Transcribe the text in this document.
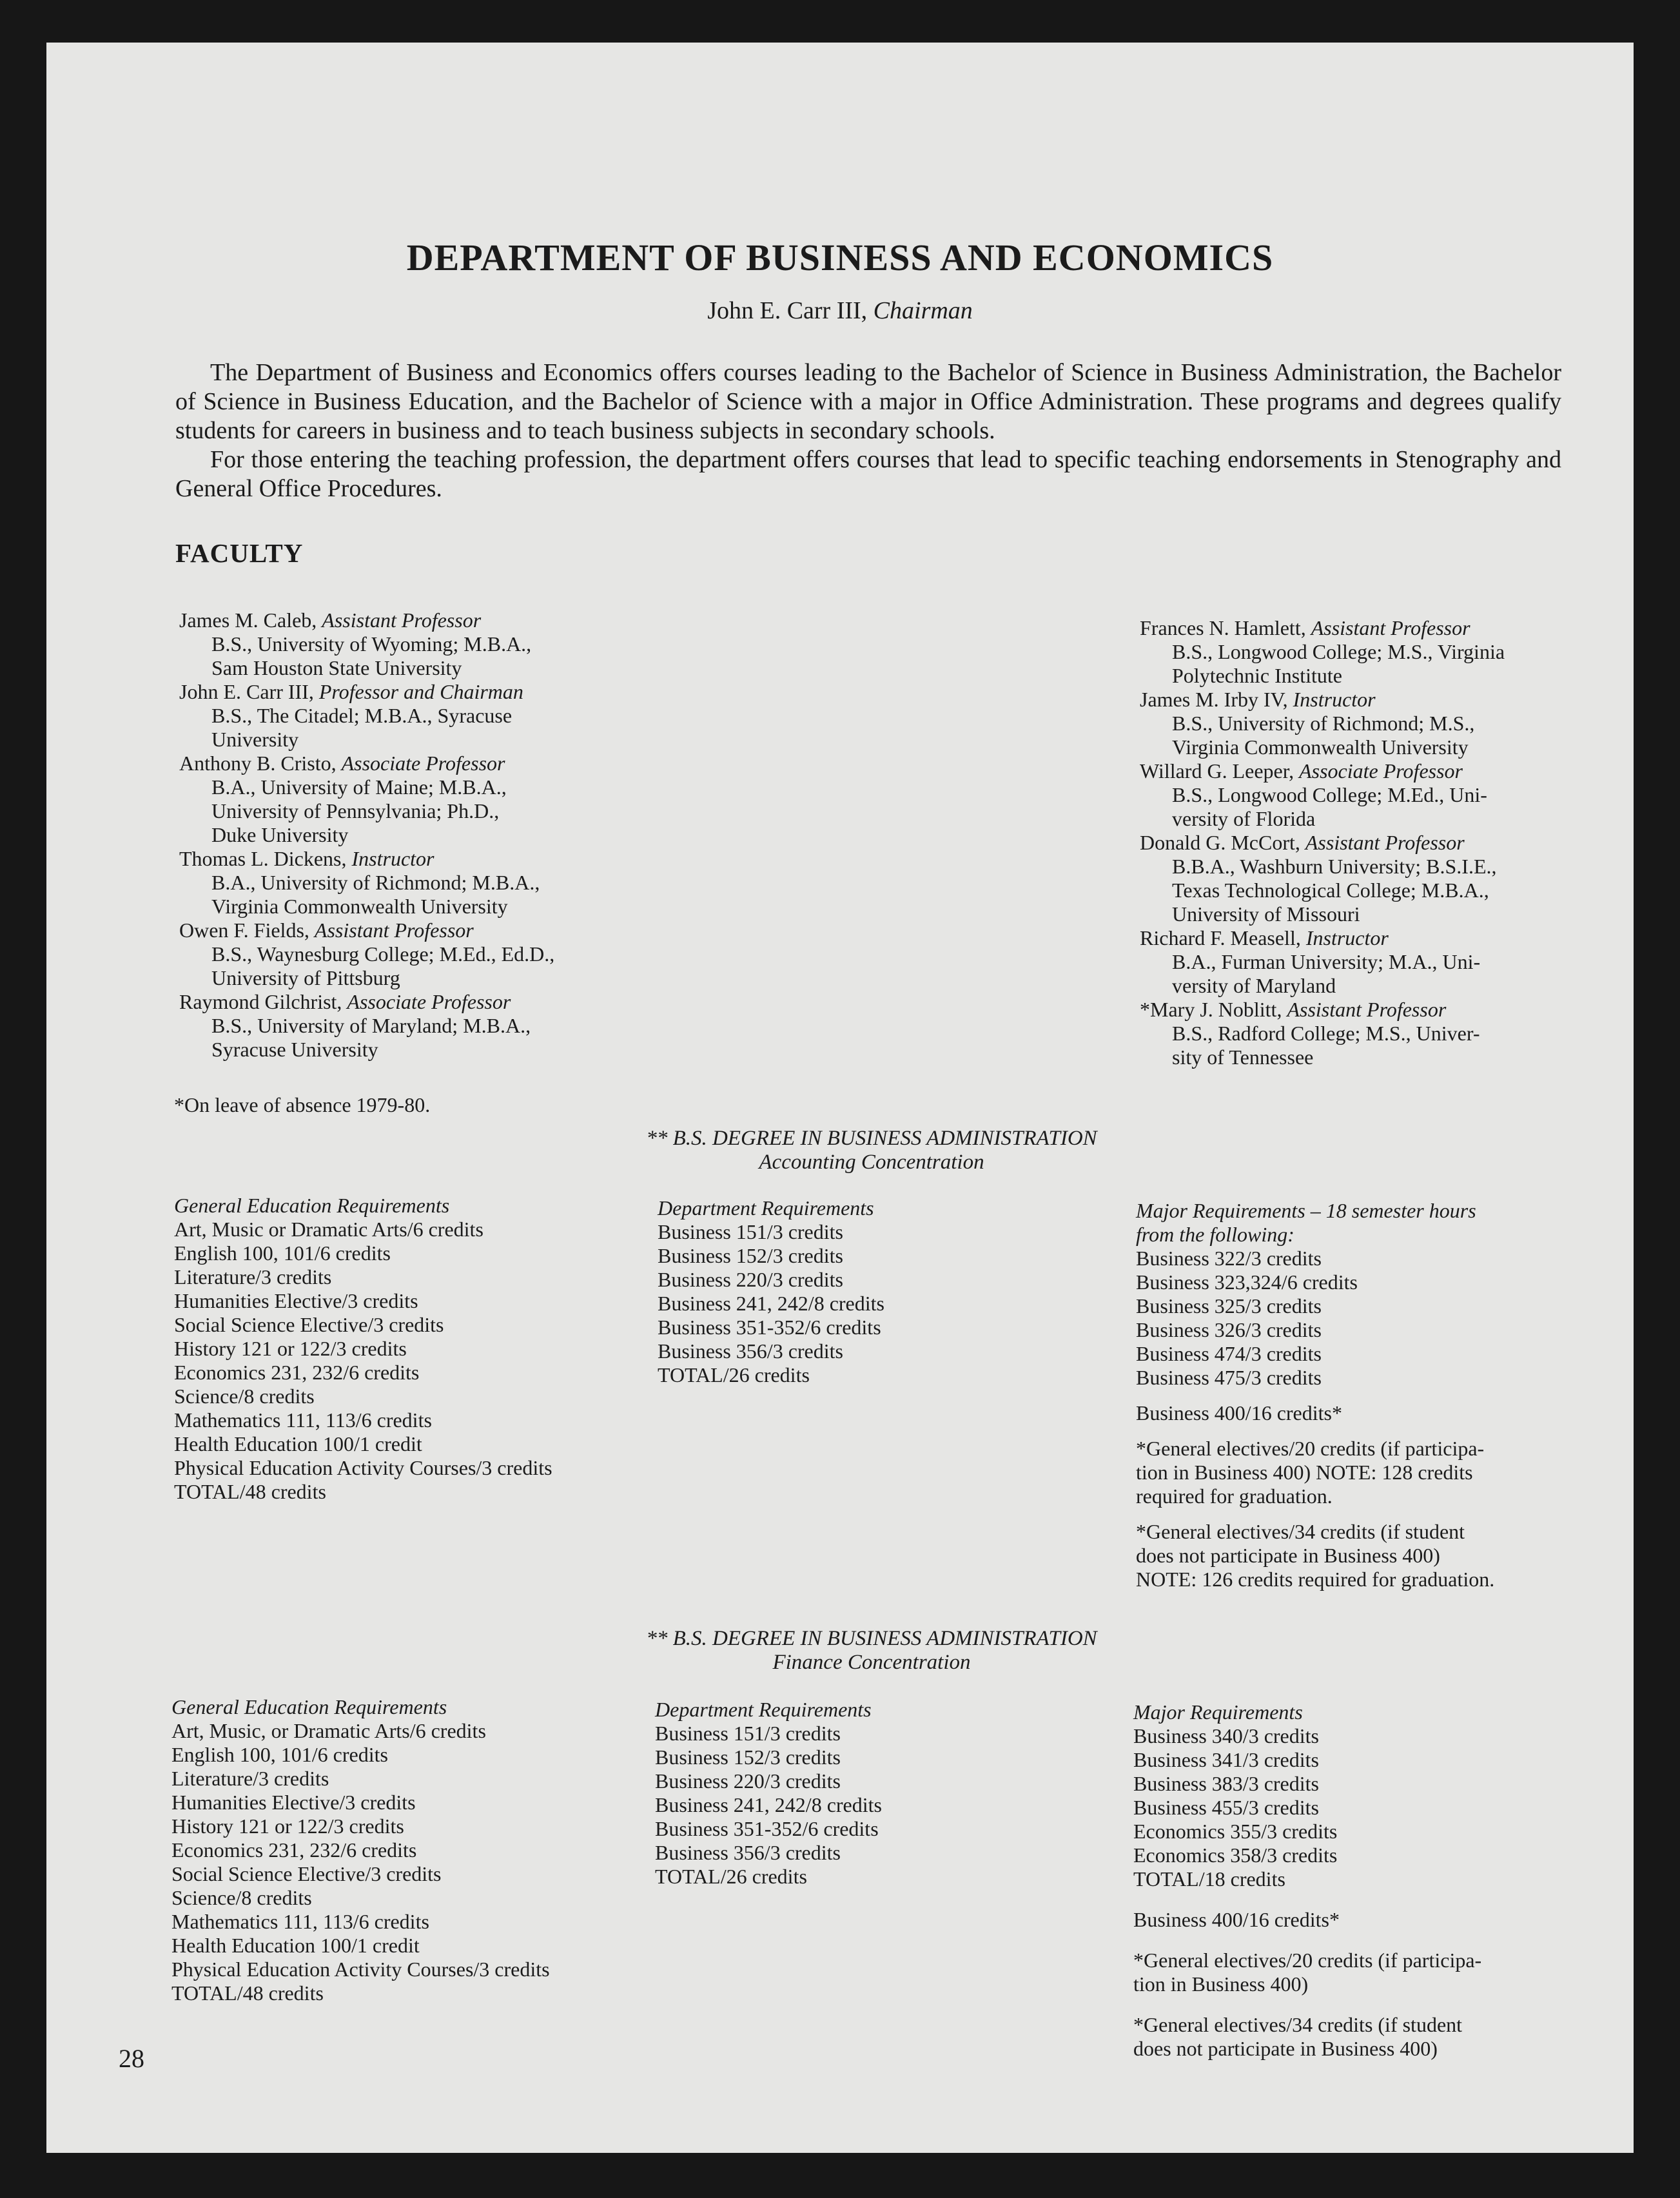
DEPARTMENT OF BUSINESS AND ECONOMICS
John E. Carr III, Chairman

The Department of Business and Economics offers courses leading to the Bachelor of Science in Business Administration, the Bachelor of Science in Business Education, and the Bachelor of Science with a major in Office Administration. These programs and degrees qualify students for careers in business and to teach business subjects in secondary schools.

For those entering the teaching profession, the department offers courses that lead to specific teaching endorsements in Stenography and General Office Procedures.

FACULTY
James M. Caleb, Assistant Professor
B.S., University of Wyoming; M.B.A.,
Sam Houston State University
John E. Carr III, Professor and Chairman
B.S., The Citadel; M.B.A., Syracuse
University
Anthony B. Cristo, Associate Professor
B.A., University of Maine; M.B.A.,
University of Pennsylvania; Ph.D.,
Duke University
Thomas L. Dickens, Instructor
B.A., University of Richmond; M.B.A.,
Virginia Commonwealth University
Owen F. Fields, Assistant Professor
B.S., Waynesburg College; M.Ed., Ed.D.,
University of Pittsburg
Raymond Gilchrist, Associate Professor
B.S., University of Maryland; M.B.A.,
Syracuse University
Frances N. Hamlett, Assistant Professor
B.S., Longwood College; M.S., Virginia
Polytechnic Institute
James M. Irby IV, Instructor
B.S., University of Richmond; M.S.,
Virginia Commonwealth University
Willard G. Leeper, Associate Professor
B.S., Longwood College; M.Ed., Uni-
versity of Florida
Donald G. McCort, Assistant Professor
B.B.A., Washburn University; B.S.I.E.,
Texas Technological College; M.B.A.,
University of Missouri
Richard F. Measell, Instructor
B.A., Furman University; M.A., Uni-
versity of Maryland
*Mary J. Noblitt, Assistant Professor
B.S., Radford College; M.S., Univer-
sity of Tennessee
*On leave of absence 1979-80.
** B.S. DEGREE IN BUSINESS ADMINISTRATION
Accounting Concentration
General Education Requirements
Art, Music or Dramatic Arts/6 credits
English 100, 101/6 credits
Literature/3 credits
Humanities Elective/3 credits
Social Science Elective/3 credits
History 121 or 122/3 credits
Economics 231, 232/6 credits
Science/8 credits
Mathematics 111, 113/6 credits
Health Education 100/1 credit
Physical Education Activity Courses/3 credits
TOTAL/48 credits
Department Requirements
Business 151/3 credits
Business 152/3 credits
Business 220/3 credits
Business 241, 242/8 credits
Business 351-352/6 credits
Business 356/3 credits
TOTAL/26 credits
Major Requirements – 18 semester hours
from the following:
Business 322/3 credits
Business 323,324/6 credits
Business 325/3 credits
Business 326/3 credits
Business 474/3 credits
Business 475/3 credits
Business 400/16 credits*
*General electives/20 credits (if participa-
tion in Business 400) NOTE: 128 credits
required for graduation.
*General electives/34 credits (if student
does not participate in Business 400)
NOTE: 126 credits required for graduation.
** B.S. DEGREE IN BUSINESS ADMINISTRATION
Finance Concentration
General Education Requirements
Art, Music, or Dramatic Arts/6 credits
English 100, 101/6 credits
Literature/3 credits
Humanities Elective/3 credits
History 121 or 122/3 credits
Economics 231, 232/6 credits
Social Science Elective/3 credits
Science/8 credits
Mathematics 111, 113/6 credits
Health Education 100/1 credit
Physical Education Activity Courses/3 credits
TOTAL/48 credits
Department Requirements
Business 151/3 credits
Business 152/3 credits
Business 220/3 credits
Business 241, 242/8 credits
Business 351-352/6 credits
Business 356/3 credits
TOTAL/26 credits
Major Requirements
Business 340/3 credits
Business 341/3 credits
Business 383/3 credits
Business 455/3 credits
Economics 355/3 credits
Economics 358/3 credits
TOTAL/18 credits
Business 400/16 credits*
*General electives/20 credits (if participa-
tion in Business 400)
*General electives/34 credits (if student
does not participate in Business 400)
28
